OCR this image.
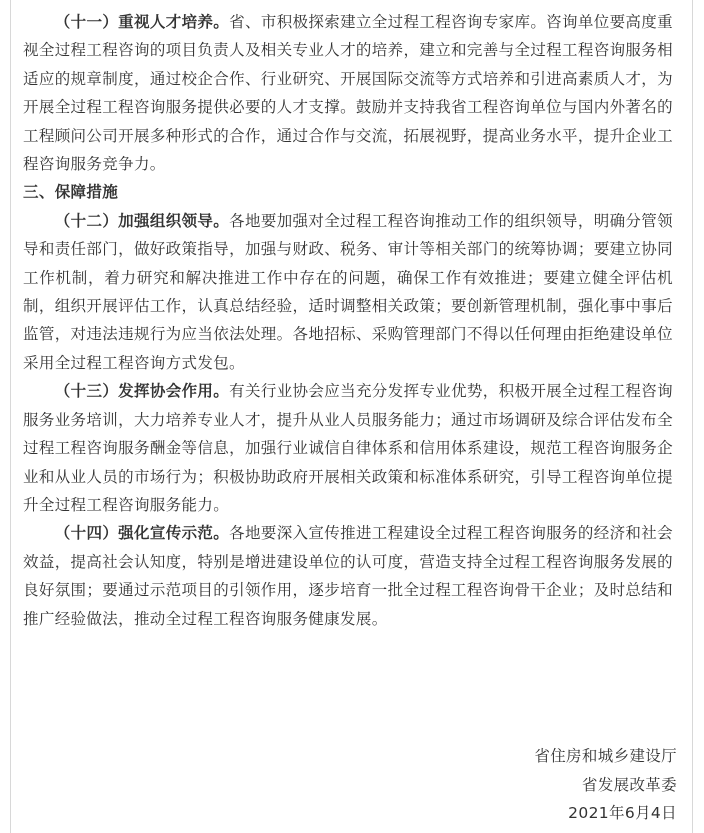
（十一）重视人才培养。省、市积极探索建立全过程工程咨询专家库。咨询单位要高度重视全过程工程咨询的项目负责人及相关专业人才的培养，建立和完善与全过程工程咨询服务相适应的规章制度，通过校企合作、行业研究、开展国际交流等方式培养和引进高素质人才，为开展全过程工程咨询服务提供必要的人才支撑。鼓励并支持我省工程咨询单位与国内外著名的工程顾问公司开展多种形式的合作，通过合作与交流，拓展视野，提高业务水平，提升企业工程咨询服务竞争力。

三、保障措施

（十二）加强组织领导。各地要加强对全过程工程咨询推动工作的组织领导，明确分管领导和责任部门，做好政策指导，加强与财政、税务、审计等相关部门的统筹协调；要建立协同工作机制，着力研究和解决推进工作中存在的问题，确保工作有效推进；要建立健全评估机制，组织开展评估工作，认真总结经验，适时调整相关政策；要创新管理机制，强化事中事后监管，对违法违规行为应当依法处理。各地招标、采购管理部门不得以任何理由拒绝建设单位采用全过程工程咨询方式发包。

（十三）发挥协会作用。有关行业协会应当充分发挥专业优势，积极开展全过程工程咨询服务业务培训，大力培养专业人才，提升从业人员服务能力；通过市场调研及综合评估发布全过程工程咨询服务酬金等信息，加强行业诚信自律体系和信用体系建设，规范工程咨询服务企业和从业人员的市场行为；积极协助政府开展相关政策和标准体系研究，引导工程咨询单位提升全过程工程咨询服务能力。

（十四）强化宣传示范。各地要深入宣传推进工程建设全过程工程咨询服务的经济和社会效益，提高社会认知度，特别是增进建设单位的认可度，营造支持全过程工程咨询服务发展的良好氛围；要通过示范项目的引领作用，逐步培育一批全过程工程咨询骨干企业；及时总结和推广经验做法，推动全过程工程咨询服务健康发展。

省住房和城乡建设厅
省发展改革委
2021年6月4日
